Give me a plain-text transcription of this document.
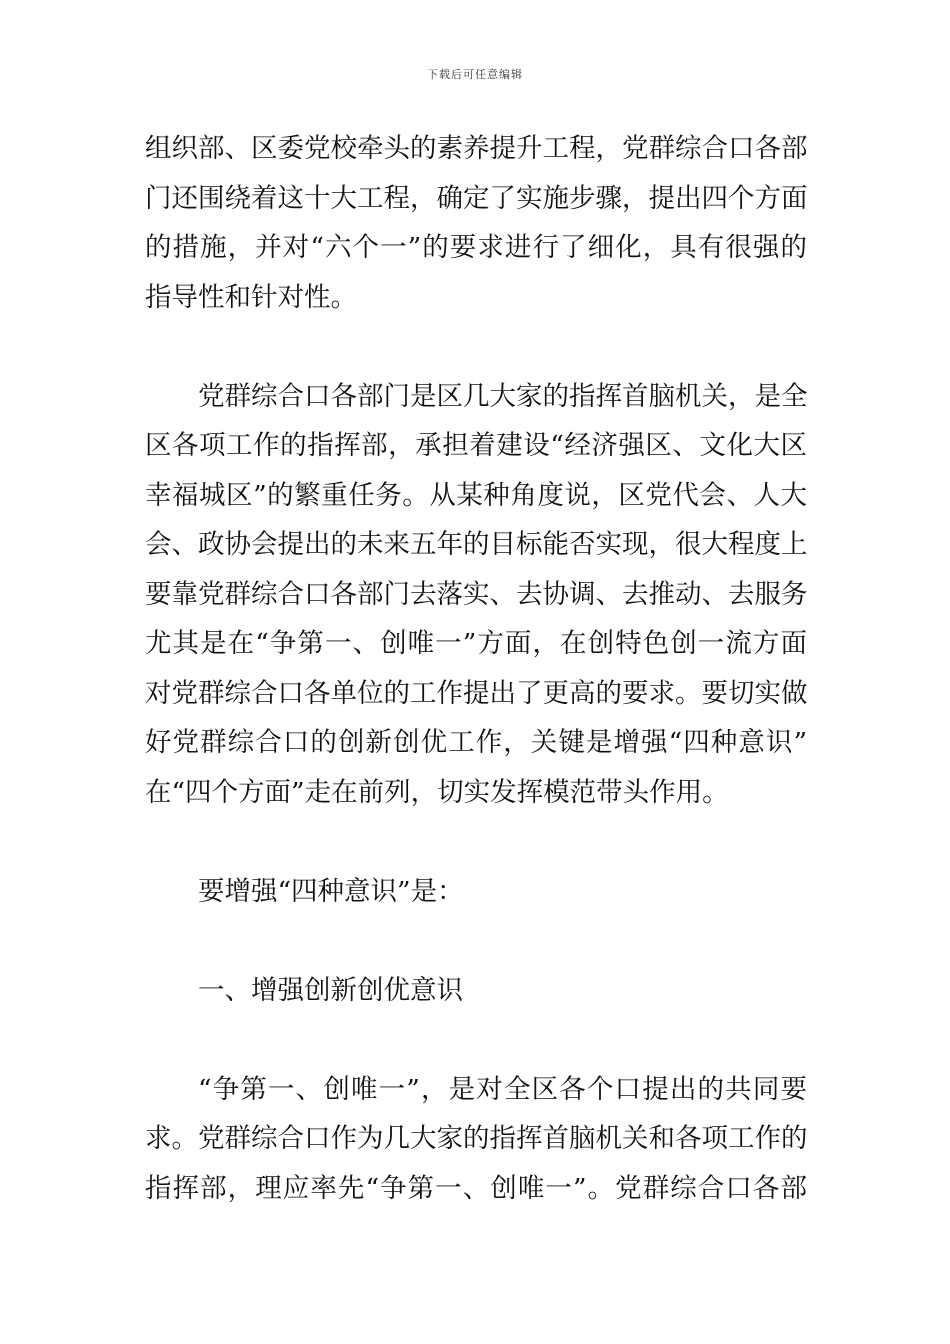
下载后可任意编辑
组织部、区委党校牵头的素养提升工程，党群综合口各部
门还围绕着这十大工程，确定了实施步骤，提出四个方面
的措施，并对“六个一”的要求进行了细化，具有很强的
指导性和针对性。
党群综合口各部门是区几大家的指挥首脑机关，是全
区各项工作的指挥部，承担着建设“经济强区、文化大区
幸福城区”的繁重任务。从某种角度说，区党代会、人大
会、政协会提出的未来五年的目标能否实现，很大程度上
要靠党群综合口各部门去落实、去协调、去推动、去服务
尤其是在“争第一、创唯一”方面，在创特色创一流方面
对党群综合口各单位的工作提出了更高的要求。要切实做
好党群综合口的创新创优工作，关键是增强“四种意识”
在“四个方面”走在前列，切实发挥模范带头作用。
要增强“四种意识”是：
一、增强创新创优意识
“争第一、创唯一”，是对全区各个口提出的共同要
求。党群综合口作为几大家的指挥首脑机关和各项工作的
指挥部，理应率先“争第一、创唯一”。党群综合口各部
